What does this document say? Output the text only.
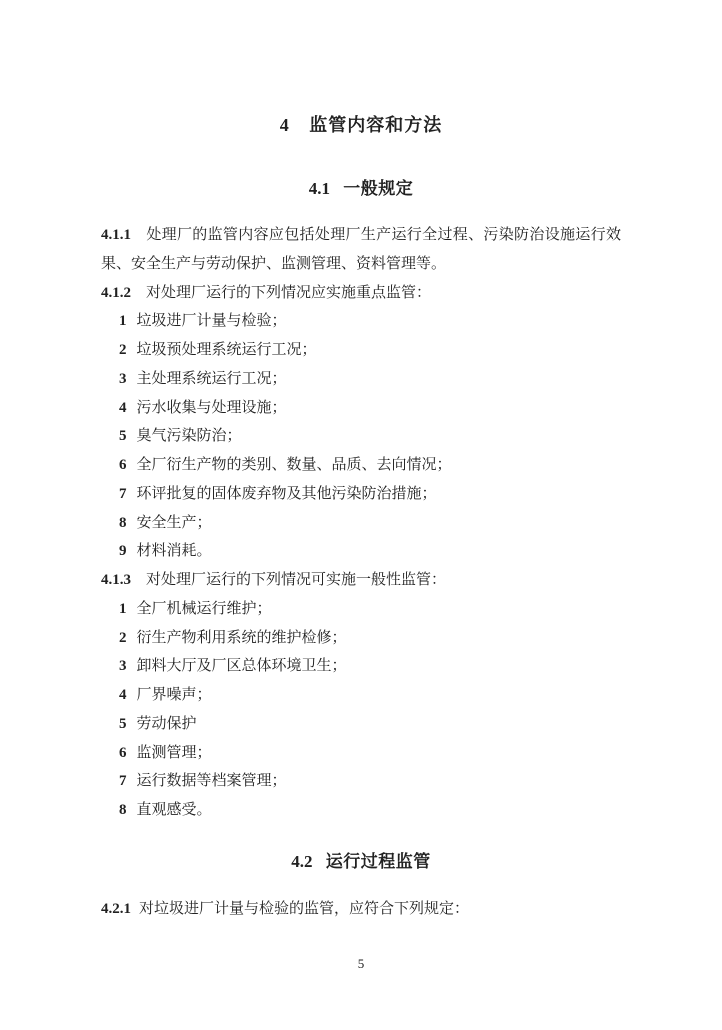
4 监管内容和方法
4.1 一般规定

4.1.1 处理厂的监管内容应包括处理厂生产运行全过程、污染防治设施运行效果、安全生产与劳动保护、监测管理、资料管理等。

4.1.2 对处理厂运行的下列情况应实施重点监管：

1 垃圾进厂计量与检验；
2 垃圾预处理系统运行工况；
3 主处理系统运行工况；
4 污水收集与处理设施；
5 臭气污染防治；
6 全厂衍生产物的类别、数量、品质、去向情况；
7 环评批复的固体废弃物及其他污染防治措施；
8 安全生产；
9 材料消耗。

4.1.3 对处理厂运行的下列情况可实施一般性监管：

1 全厂机械运行维护；
2 衍生产物利用系统的维护检修；
3 卸料大厅及厂区总体环境卫生；
4 厂界噪声；
5 劳动保护
6 监测管理；
7 运行数据等档案管理；
8 直观感受。
4.2 运行过程监管

4.2.1 对垃圾进厂计量与检验的监管，应符合下列规定：

5
